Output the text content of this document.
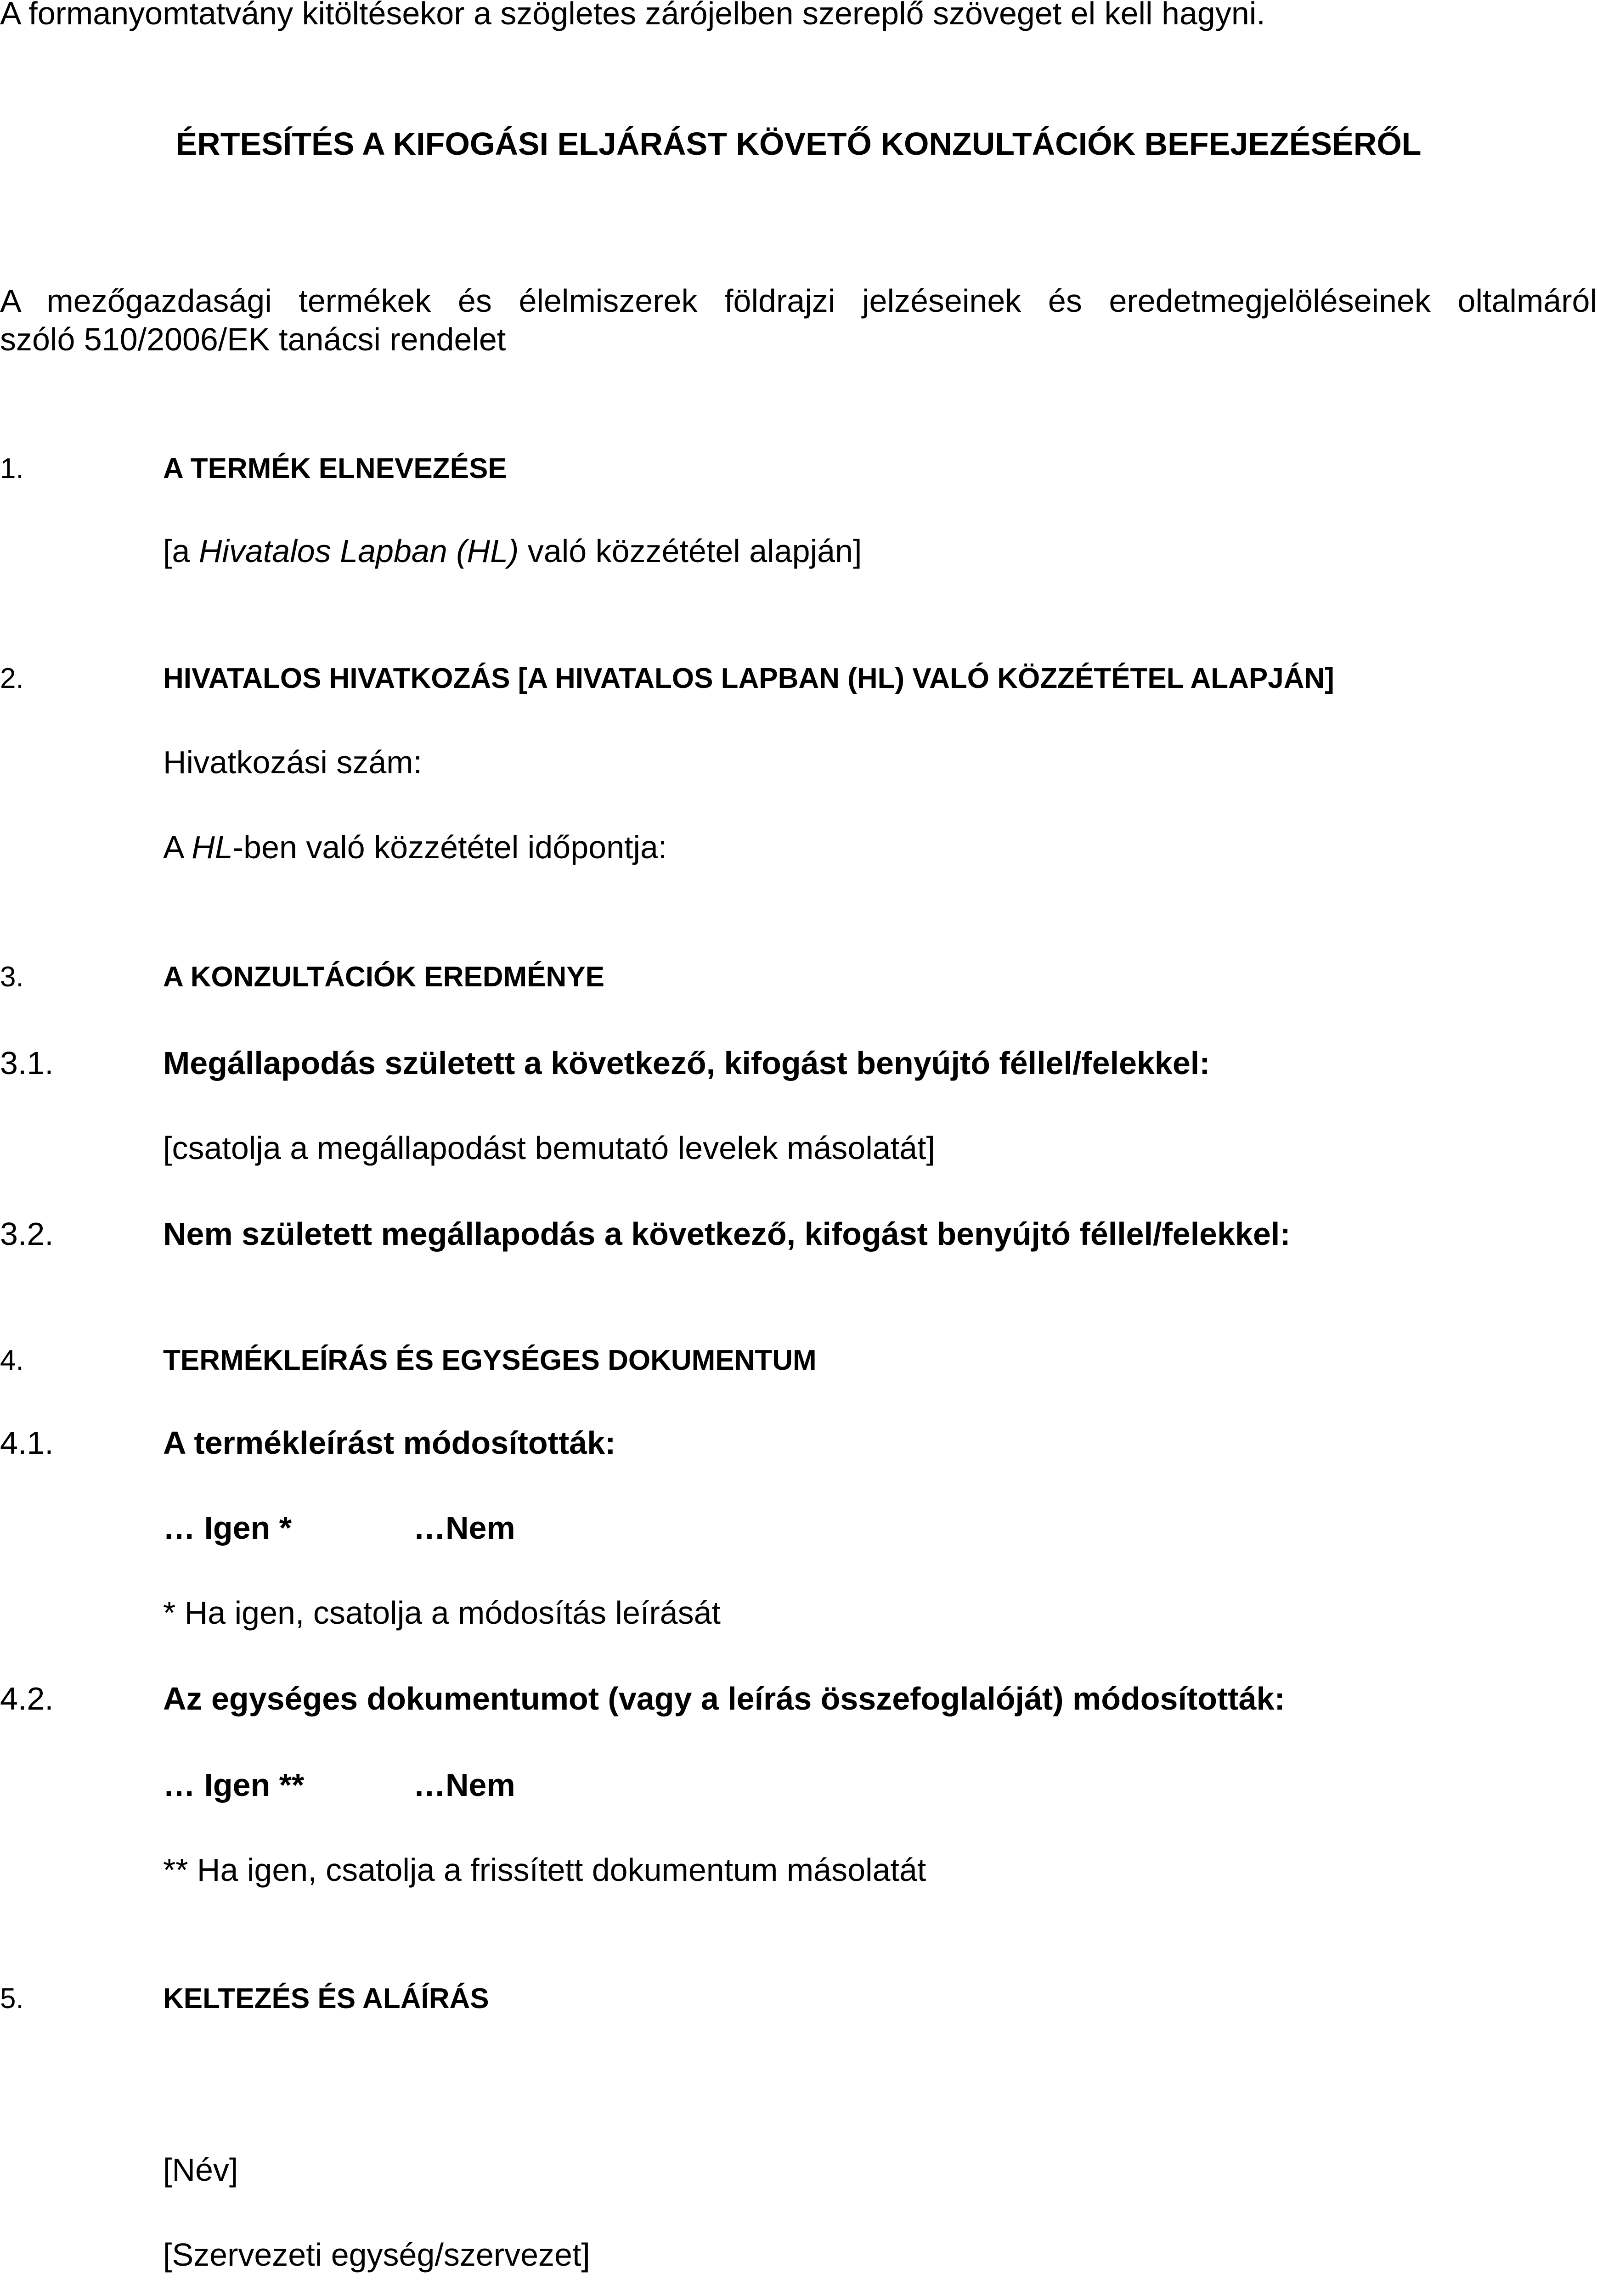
A formanyomtatvány kitöltésekor a szögletes zárójelben szereplő szöveget el kell hagyni.
ÉRTESÍTÉS A KIFOGÁSI ELJÁRÁST KÖVETŐ KONZULTÁCIÓK BEFEJEZÉSÉRŐL
A mezőgazdasági termékek és élelmiszerek földrajzi jelzéseinek és eredetmegjelöléseinek oltalmáról
szóló 510/2006/EK tanácsi rendelet
1.	A TERMÉK ELNEVEZÉSE
[a Hivatalos Lapban (HL) való közzététel alapján]
2.	HIVATALOS HIVATKOZÁS [A HIVATALOS LAPBAN (HL) VALÓ KÖZZÉTÉTEL ALAPJÁN]
Hivatkozási szám:
A HL-ben való közzététel időpontja:
3.	A KONZULTÁCIÓK EREDMÉNYE
3.1.	Megállapodás született a következő, kifogást benyújtó féllel/felekkel:
[csatolja a megállapodást bemutató levelek másolatát]
3.2.	Nem született megállapodás a következő, kifogást benyújtó féllel/felekkel:
4.	TERMÉKLEÍRÁS ÉS EGYSÉGES DOKUMENTUM
4.1.	A termékleírást módosították:
… Igen *	…Nem
* Ha igen, csatolja a módosítás leírását
4.2.	Az egységes dokumentumot (vagy a leírás összefoglalóját) módosították:
… Igen **	…Nem
** Ha igen, csatolja a frissített dokumentum másolatát
5.	KELTEZÉS ÉS ALÁÍRÁS
[Név]
[Szervezeti egység/szervezet]
